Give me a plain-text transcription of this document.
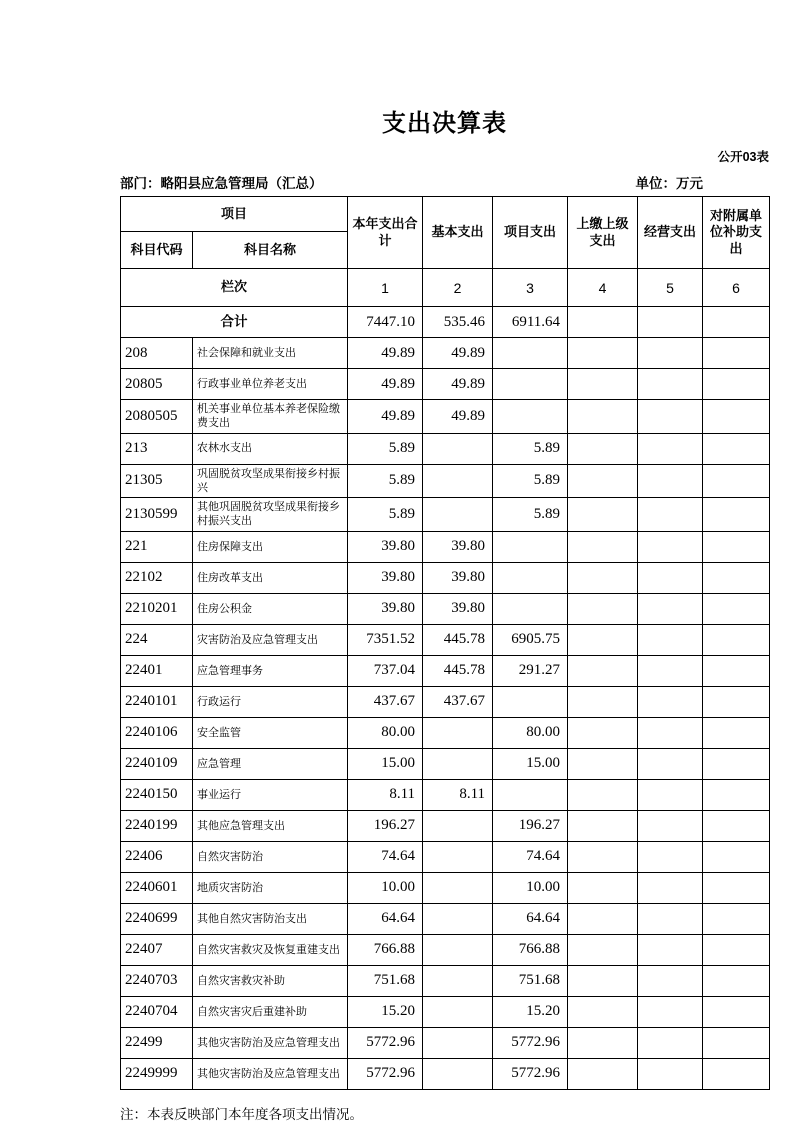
支出决算表
公开03表
部门：略阳县应急管理局（汇总）	单位：万元
项目		本年支出合计	基本支出	项目支出	上缴上级支出	经营支出	对附属单位补助支出
科目代码	科目名称						
栏次		1	2	3	4	5	6
合计		7447.10	535.46	6911.64			
208	社会保障和就业支出	49.89	49.89				
20805	行政事业单位养老支出	49.89	49.89				
2080505	机关事业单位基本养老保险缴费支出	49.89	49.89				
213	农林水支出	5.89		5.89			
21305	巩固脱贫攻坚成果衔接乡村振兴	5.89		5.89			
2130599	其他巩固脱贫攻坚成果衔接乡村振兴支出	5.89		5.89			
221	住房保障支出	39.80	39.80				
22102	住房改革支出	39.80	39.80				
2210201	住房公积金	39.80	39.80				
224	灾害防治及应急管理支出	7351.52	445.78	6905.75			
22401	应急管理事务	737.04	445.78	291.27			
2240101	行政运行	437.67	437.67				
2240106	安全监管	80.00		80.00			
2240109	应急管理	15.00		15.00			
2240150	事业运行	8.11	8.11				
2240199	其他应急管理支出	196.27		196.27			
22406	自然灾害防治	74.64		74.64			
2240601	地质灾害防治	10.00		10.00			
2240699	其他自然灾害防治支出	64.64		64.64			
22407	自然灾害救灾及恢复重建支出	766.88		766.88			
2240703	自然灾害救灾补助	751.68		751.68			
2240704	自然灾害灾后重建补助	15.20		15.20			
22499	其他灾害防治及应急管理支出	5772.96		5772.96			
2249999	其他灾害防治及应急管理支出	5772.96		5772.96			
注：本表反映部门本年度各项支出情况。
